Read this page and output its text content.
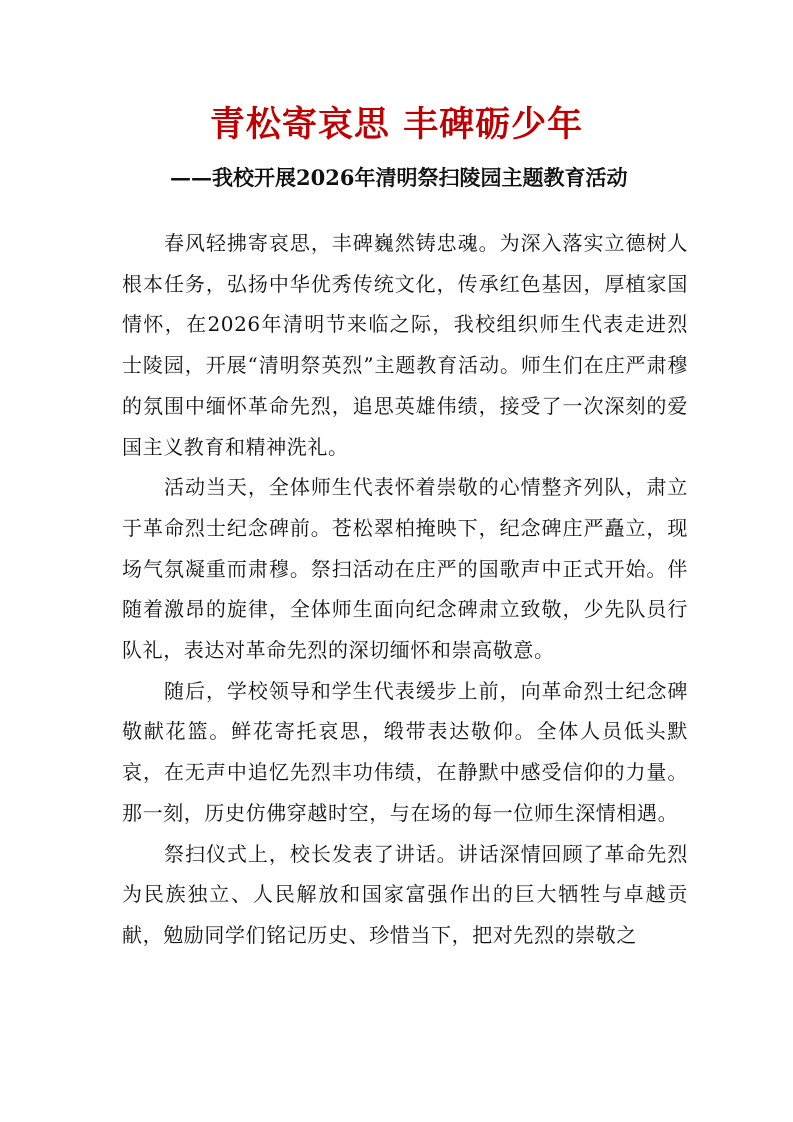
青松寄哀思 丰碑砺少年
——我校开展2026年清明祭扫陵园主题教育活动

春风轻拂寄哀思，丰碑巍然铸忠魂。为深入落实立德树人根本任务，弘扬中华优秀传统文化，传承红色基因，厚植家国情怀，在2026年清明节来临之际，我校组织师生代表走进烈士陵园，开展“清明祭英烈”主题教育活动。师生们在庄严肃穆的氛围中缅怀革命先烈，追思英雄伟绩，接受了一次深刻的爱国主义教育和精神洗礼。

活动当天，全体师生代表怀着崇敬的心情整齐列队，肃立于革命烈士纪念碑前。苍松翠柏掩映下，纪念碑庄严矗立，现场气氛凝重而肃穆。祭扫活动在庄严的国歌声中正式开始。伴随着激昂的旋律，全体师生面向纪念碑肃立致敬，少先队员行队礼，表达对革命先烈的深切缅怀和崇高敬意。

随后，学校领导和学生代表缓步上前，向革命烈士纪念碑敬献花篮。鲜花寄托哀思，缎带表达敬仰。全体人员低头默哀，在无声中追忆先烈丰功伟绩，在静默中感受信仰的力量。那一刻，历史仿佛穿越时空，与在场的每一位师生深情相遇。

祭扫仪式上，校长发表了讲话。讲话深情回顾了革命先烈为民族独立、人民解放和国家富强作出的巨大牺牲与卓越贡献，勉励同学们铭记历史、珍惜当下，把对先烈的崇敬之
